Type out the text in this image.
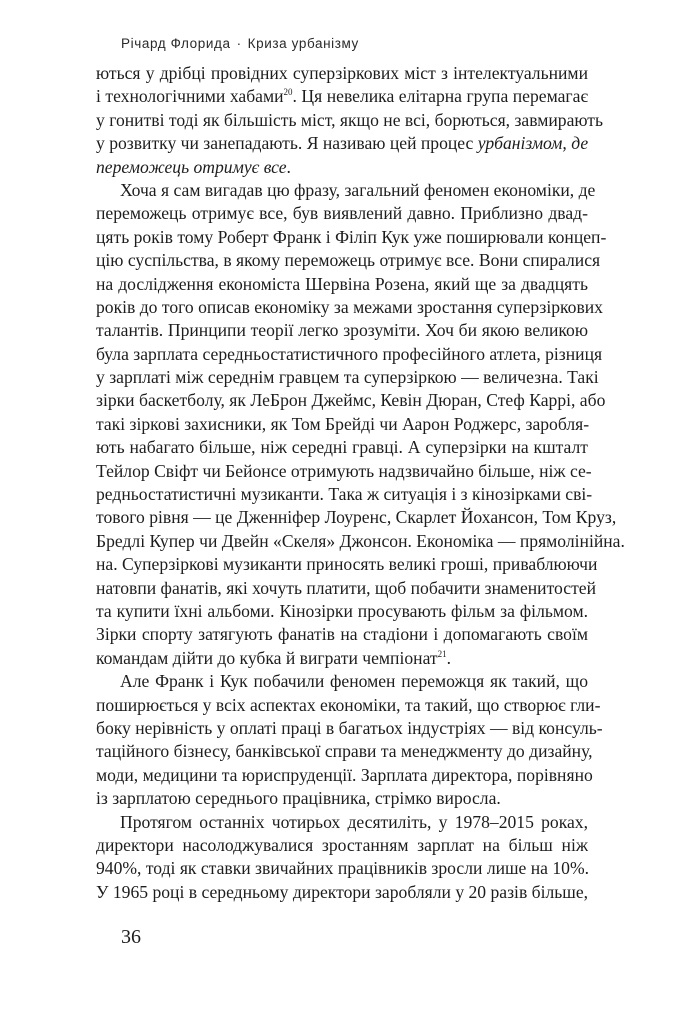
Річард Флорида · Криза урбанізму
ються у дрібці провідних суперзіркових міст з інтелектуальними
і технологічними хабами$^{20}$. Ця невелика елітарна група перемагає
у гонитві тоді як більшість міст, якщо не всі, борються, завмирають
у розвитку чи занепадають. Я називаю цей процес урбанізмом, де
переможець отримує все.
Хоча я сам вигадав цю фразу, загальний феномен економіки, де
переможець отримує все, був виявлений давно. Приблизно двад-
цять років тому Роберт Франк і Філіп Кук уже поширювали концеп-
цію суспільства, в якому переможець отримує все. Вони спиралися
на дослідження економіста Шервіна Розена, який ще за двадцять
років до того описав економіку за межами зростання суперзіркових
талантів. Принципи теорії легко зрозуміти. Хоч би якою великою
була зарплата середньостатистичного професійного атлета, різниця
у зарплаті між середнім гравцем та суперзіркою — величезна. Такі
зірки баскетболу, як ЛеБрон Джеймс, Кевін Дюран, Стеф Каррі, або
такі зіркові захисники, як Том Брейді чи Аарон Роджерс, заробля-
ють набагато більше, ніж середні гравці. А суперзірки на кшталт
Тейлор Свіфт чи Бейонсе отримують надзвичайно більше, ніж се-
редньостатистичні музиканти. Така ж ситуація і з кінозірками сві-
тового рівня — це Дженніфер Лоуренс, Скарлет Йохансон, Том Круз,
Бредлі Купер чи Двейн «Скеля» Джонсон. Економіка — прямолінійна.
на. Суперзіркові музиканти приносять великі гроші, приваблюючи
натовпи фанатів, які хочуть платити, щоб побачити знаменитостей
та купити їхні альбоми. Кінозірки просувають фільм за фільмом.
Зірки спорту затягують фанатів на стадіони і допомагають своїм
командам дійти до кубка й виграти чемпіонат$^{21}$.
Але Франк і Кук побачили феномен переможця як такий, що
поширюється у всіх аспектах економіки, та такий, що створює гли-
боку нерівність у оплаті праці в багатьох індустріях — від консуль-
таційного бізнесу, банківської справи та менеджменту до дизайну,
моди, медицини та юриспруденції. Зарплата директора, порівняно
із зарплатою середнього працівника, стрімко виросла.
Протягом останніх чотирьох десятиліть, у 1978–2015 роках,
директори насолоджувалися зростанням зарплат на більш ніж
940%, тоді як ставки звичайних працівників зросли лише на 10%.
У 1965 році в середньому директори заробляли у 20 разів більше,
36
